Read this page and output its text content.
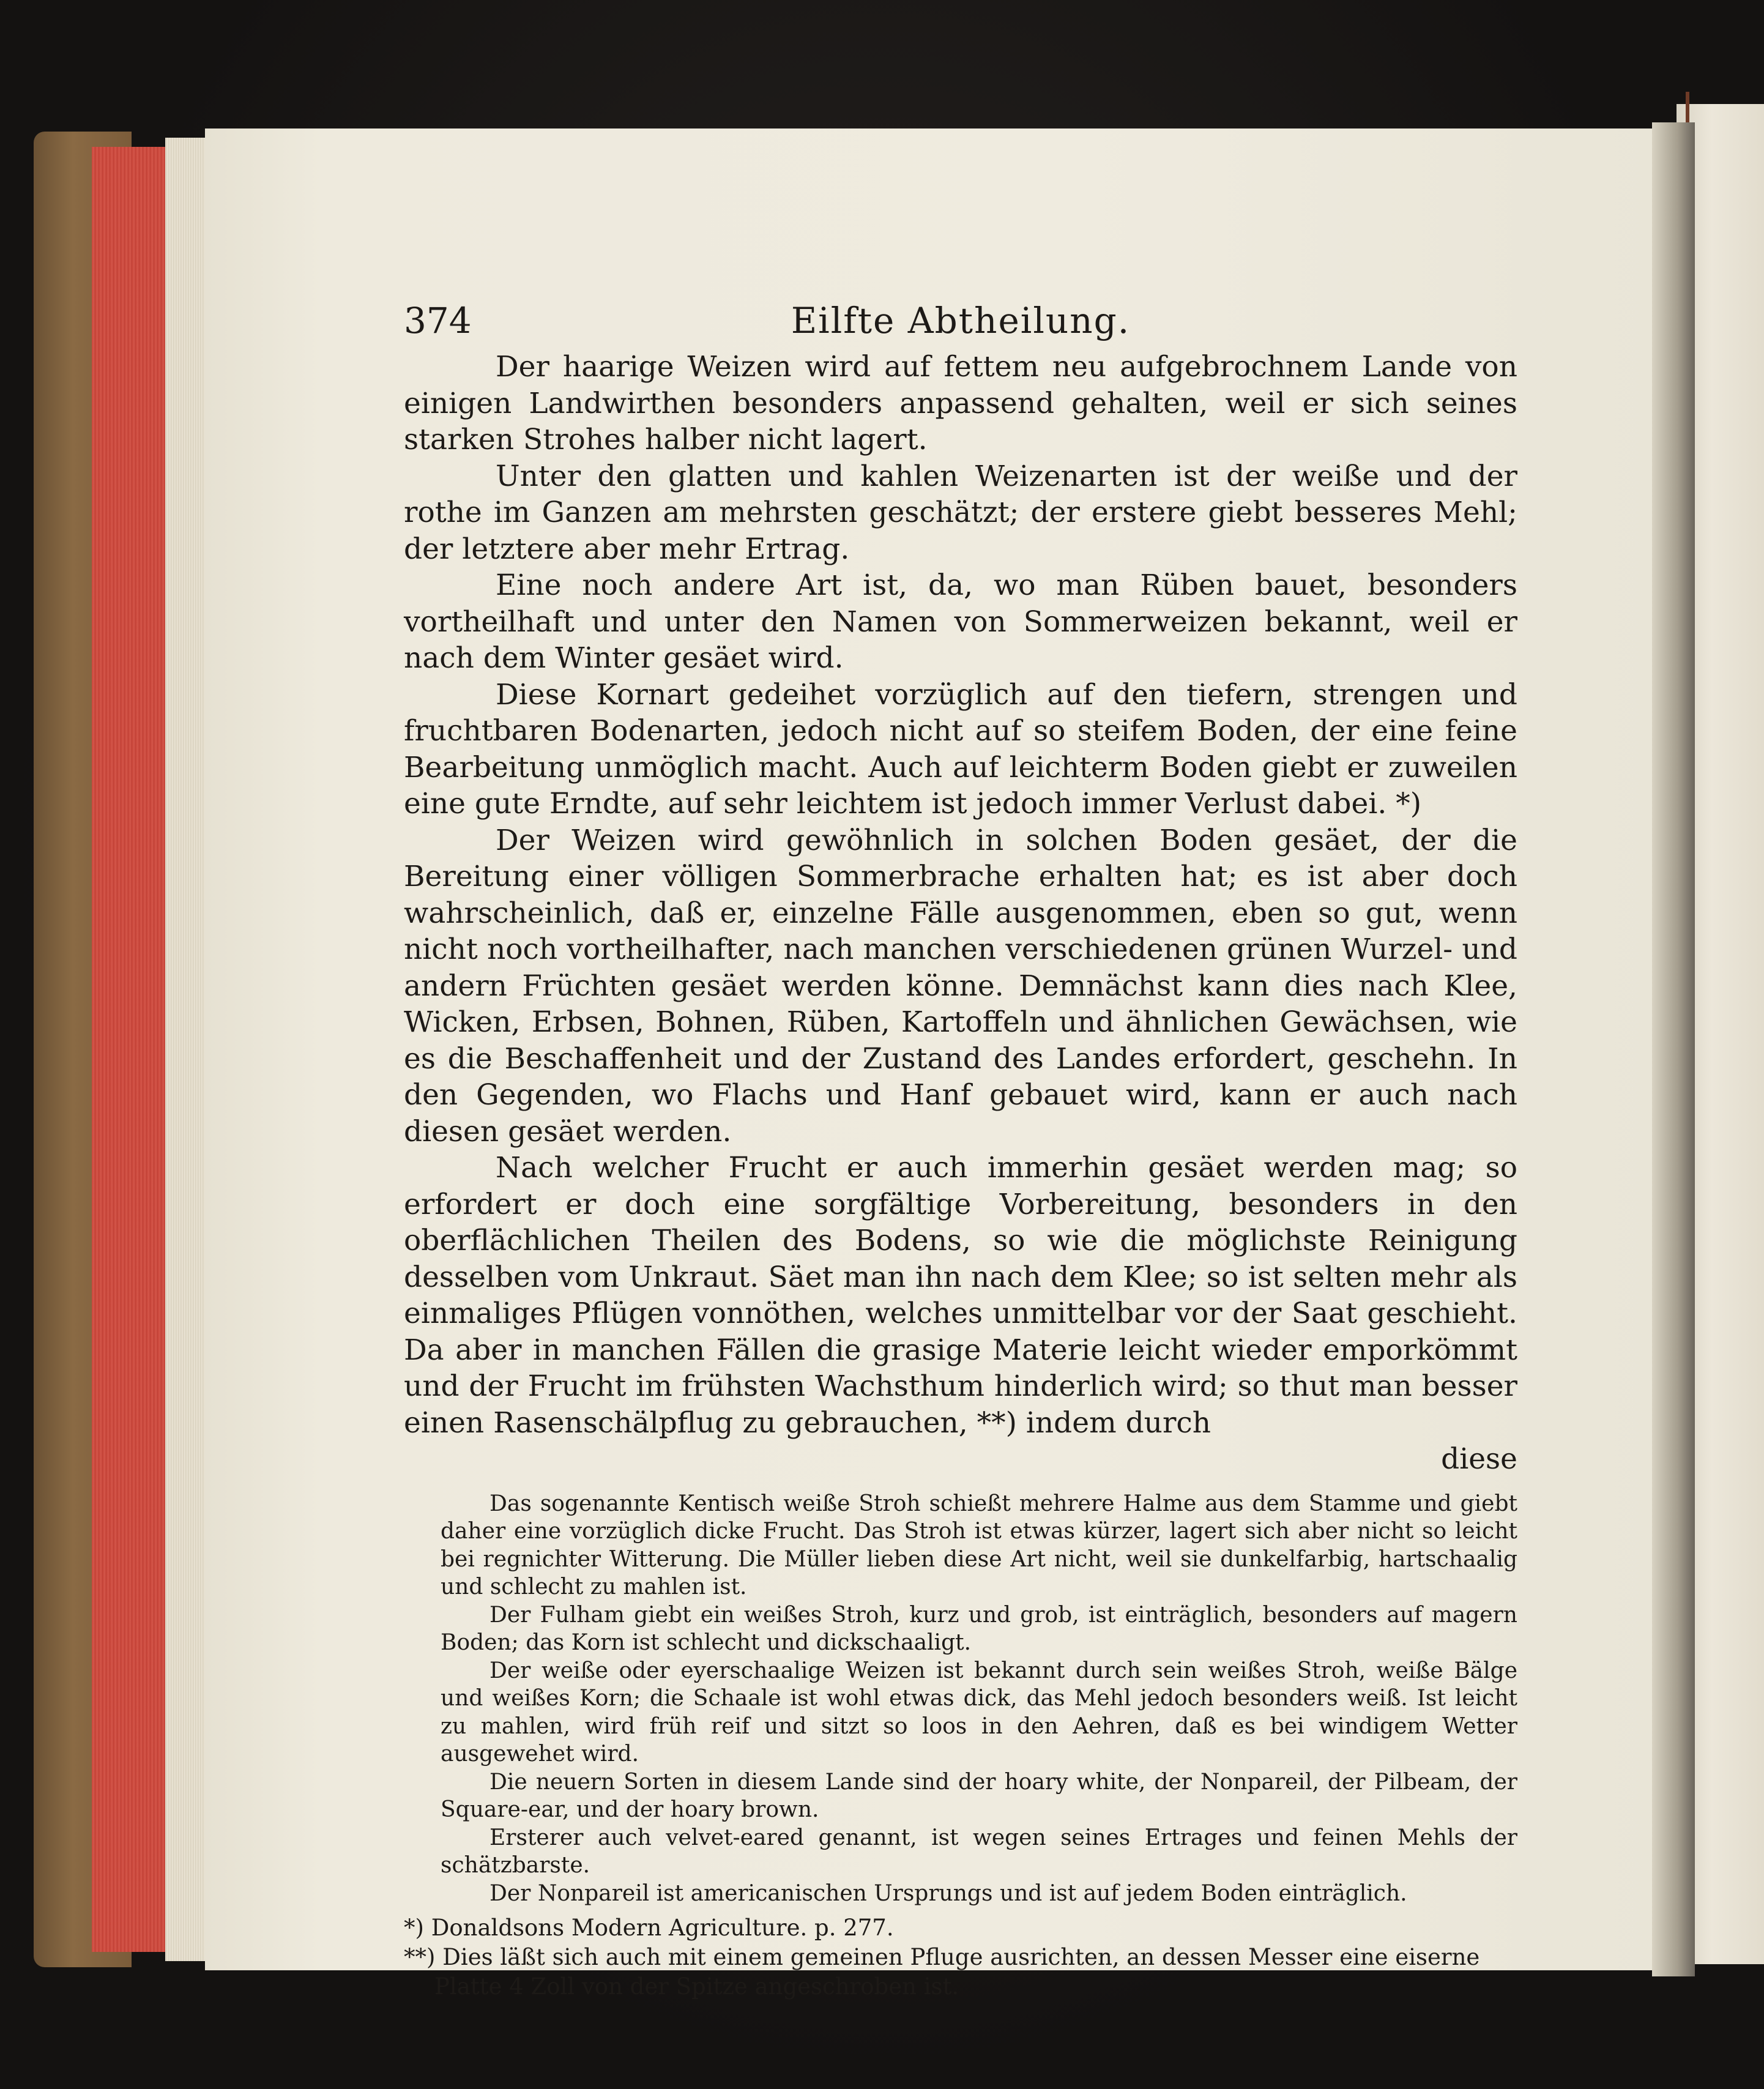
374	Eilfte Abtheilung.

Der haarige Weizen wird auf fettem neu aufgebrochnem Lande von einigen Landwirthen besonders anpassend gehalten, weil er sich seines starken Strohes halber nicht lagert.

Unter den glatten und kahlen Weizenarten ist der weiße und der rothe im Ganzen am mehrsten geschätzt; der erstere giebt besseres Mehl; der letztere aber mehr Ertrag.

Eine noch andere Art ist, da, wo man Rüben bauet, besonders vortheilhaft und unter den Namen von Sommerweizen bekannt, weil er nach dem Winter gesäet wird.

Diese Kornart gedeihet vorzüglich auf den tiefern, strengen und fruchtbaren Bodenarten, jedoch nicht auf so steifem Boden, der eine feine Bearbeitung unmöglich macht. Auch auf leichterm Boden giebt er zuweilen eine gute Erndte, auf sehr leichtem ist jedoch immer Verlust dabei. *)

Der Weizen wird gewöhnlich in solchen Boden gesäet, der die Bereitung einer völligen Sommerbrache erhalten hat; es ist aber doch wahrscheinlich, daß er, einzelne Fälle ausgenommen, eben so gut, wenn nicht noch vortheilhafter, nach manchen verschiedenen grünen Wurzel- und andern Früchten gesäet werden könne. Demnächst kann dies nach Klee, Wicken, Erbsen, Bohnen, Rüben, Kartoffeln und ähnlichen Gewächsen, wie es die Beschaffenheit und der Zustand des Landes erfordert, geschehn. In den Gegenden, wo Flachs und Hanf gebauet wird, kann er auch nach diesen gesäet werden.

Nach welcher Frucht er auch immerhin gesäet werden mag; so erfordert er doch eine sorgfältige Vorbereitung, besonders in den oberflächlichen Theilen des Bodens, so wie die möglichste Reinigung desselben vom Unkraut. Säet man ihn nach dem Klee; so ist selten mehr als einmaliges Pflügen vonnöthen, welches unmittelbar vor der Saat geschieht. Da aber in manchen Fällen die grasige Materie leicht wieder emporkömmt und der Frucht im frühsten Wachsthum hinderlich wird; so thut man besser einen Rasenschälpflug zu gebrauchen, **) indem durch

diese

Das sogenannte Kentisch weiße Stroh schießt mehrere Halme aus dem Stamme und giebt daher eine vorzüglich dicke Frucht. Das Stroh ist etwas kürzer, lagert sich aber nicht so leicht bei regnichter Witterung. Die Müller lieben diese Art nicht, weil sie dunkelfarbig, hartschaalig und schlecht zu mahlen ist.

Der Fulham giebt ein weißes Stroh, kurz und grob, ist einträglich, besonders auf magern Boden; das Korn ist schlecht und dickschaaligt.

Der weiße oder eyerschaalige Weizen ist bekannt durch sein weißes Stroh, weiße Bälge und weißes Korn; die Schaale ist wohl etwas dick, das Mehl jedoch besonders weiß. Ist leicht zu mahlen, wird früh reif und sitzt so loos in den Aehren, daß es bei windigem Wetter ausgewehet wird.

Die neuern Sorten in diesem Lande sind der hoary white, der Nonpareil, der Pilbeam, der Square-ear, und der hoary brown.

Ersterer auch velvet-eared genannt, ist wegen seines Ertrages und feinen Mehls der schätzbarste.

Der Nonpareil ist americanischen Ursprungs und ist auf jedem Boden einträglich.

*) Donaldsons Modern Agriculture. p. 277.

**) Dies läßt sich auch mit einem gemeinen Pfluge ausrichten, an dessen Messer eine eiserne Platte 4 Zoll von der Spitze angeschroben ist.
